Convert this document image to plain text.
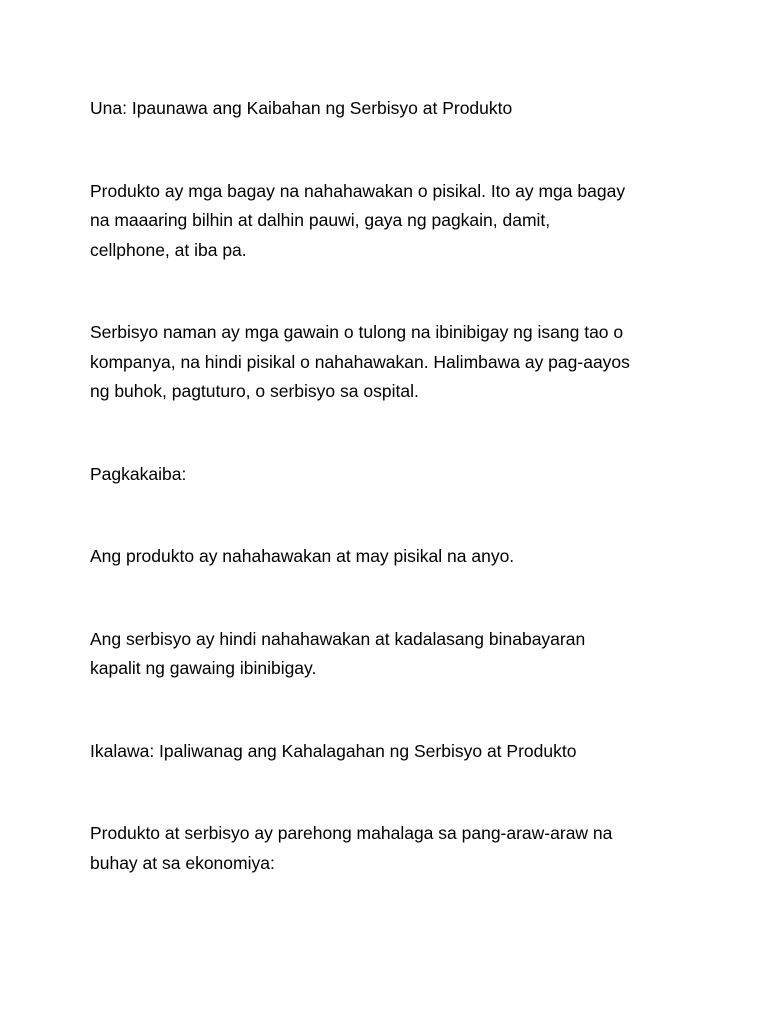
Una: Ipaunawa ang Kaibahan ng Serbisyo at Produkto

Produkto ay mga bagay na nahahawakan o pisikal. Ito ay mga bagay
na maaaring bilhin at dalhin pauwi, gaya ng pagkain, damit,
cellphone, at iba pa.

Serbisyo naman ay mga gawain o tulong na ibinibigay ng isang tao o
kompanya, na hindi pisikal o nahahawakan. Halimbawa ay pag-aayos
ng buhok, pagtuturo, o serbisyo sa ospital.

Pagkakaiba:

Ang produkto ay nahahawakan at may pisikal na anyo.

Ang serbisyo ay hindi nahahawakan at kadalasang binabayaran
kapalit ng gawaing ibinibigay.

Ikalawa: Ipaliwanag ang Kahalagahan ng Serbisyo at Produkto

Produkto at serbisyo ay parehong mahalaga sa pang-araw-araw na
buhay at sa ekonomiya:
